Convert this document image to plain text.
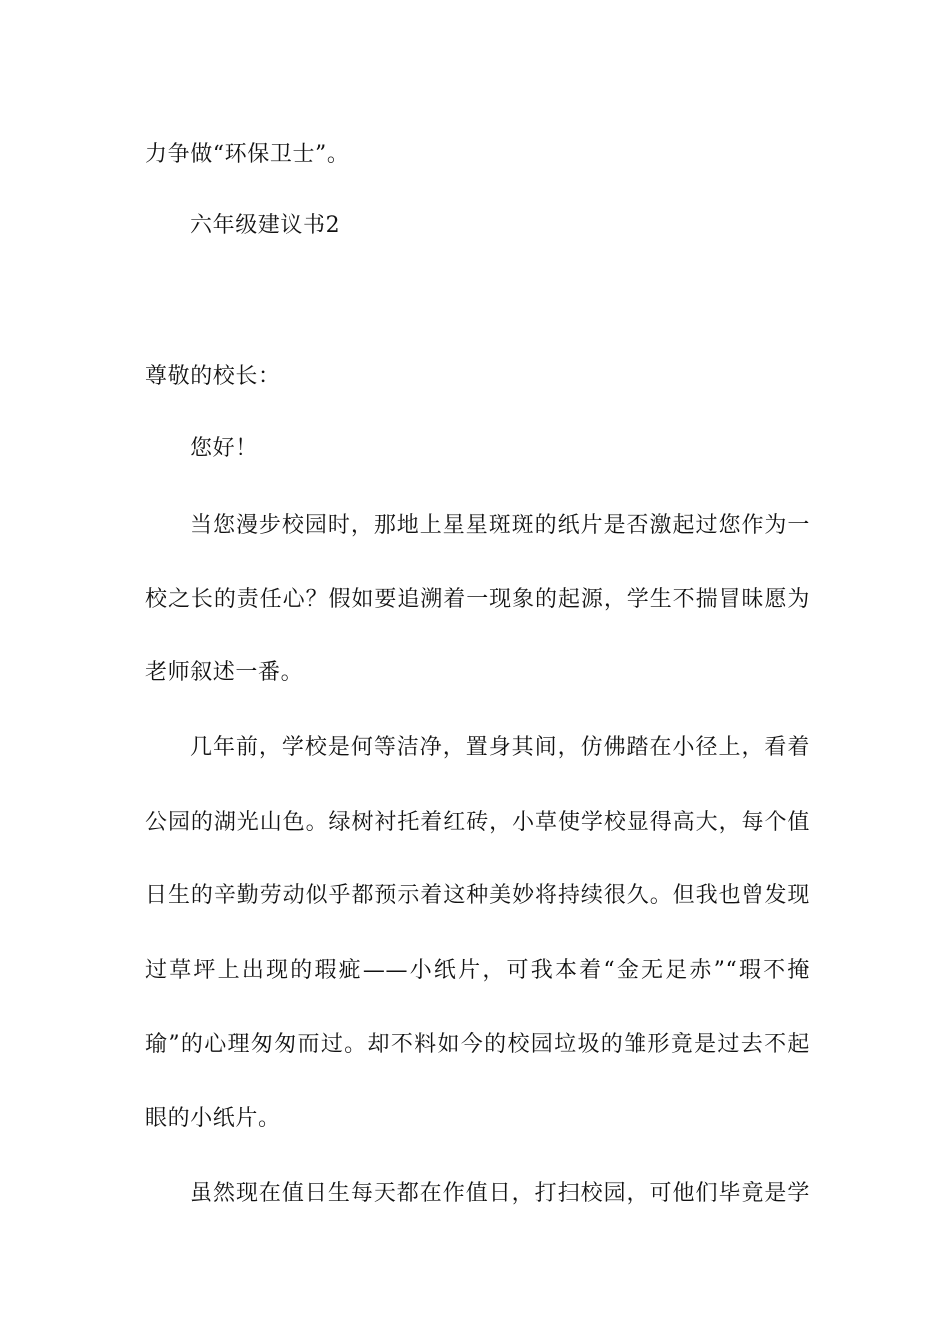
力争做“环保卫士”。
六年级建议书2
尊敬的校长：
您好！
当您漫步校园时，那地上星星斑斑的纸片是否激起过您作为一
校之长的责任心？假如要追溯着一现象的起源，学生不揣冒昧愿为
老师叙述一番。
几年前，学校是何等洁净，置身其间，仿佛踏在小径上，看着
公园的湖光山色。绿树衬托着红砖，小草使学校显得高大，每个值
日生的辛勤劳动似乎都预示着这种美妙将持续很久。但我也曾发现
过草坪上出现的瑕疵——小纸片，可我本着“金无足赤”“瑕不掩
瑜”的心理匆匆而过。却不料如今的校园垃圾的雏形竟是过去不起
眼的小纸片。
虽然现在值日生每天都在作值日，打扫校园，可他们毕竟是学
